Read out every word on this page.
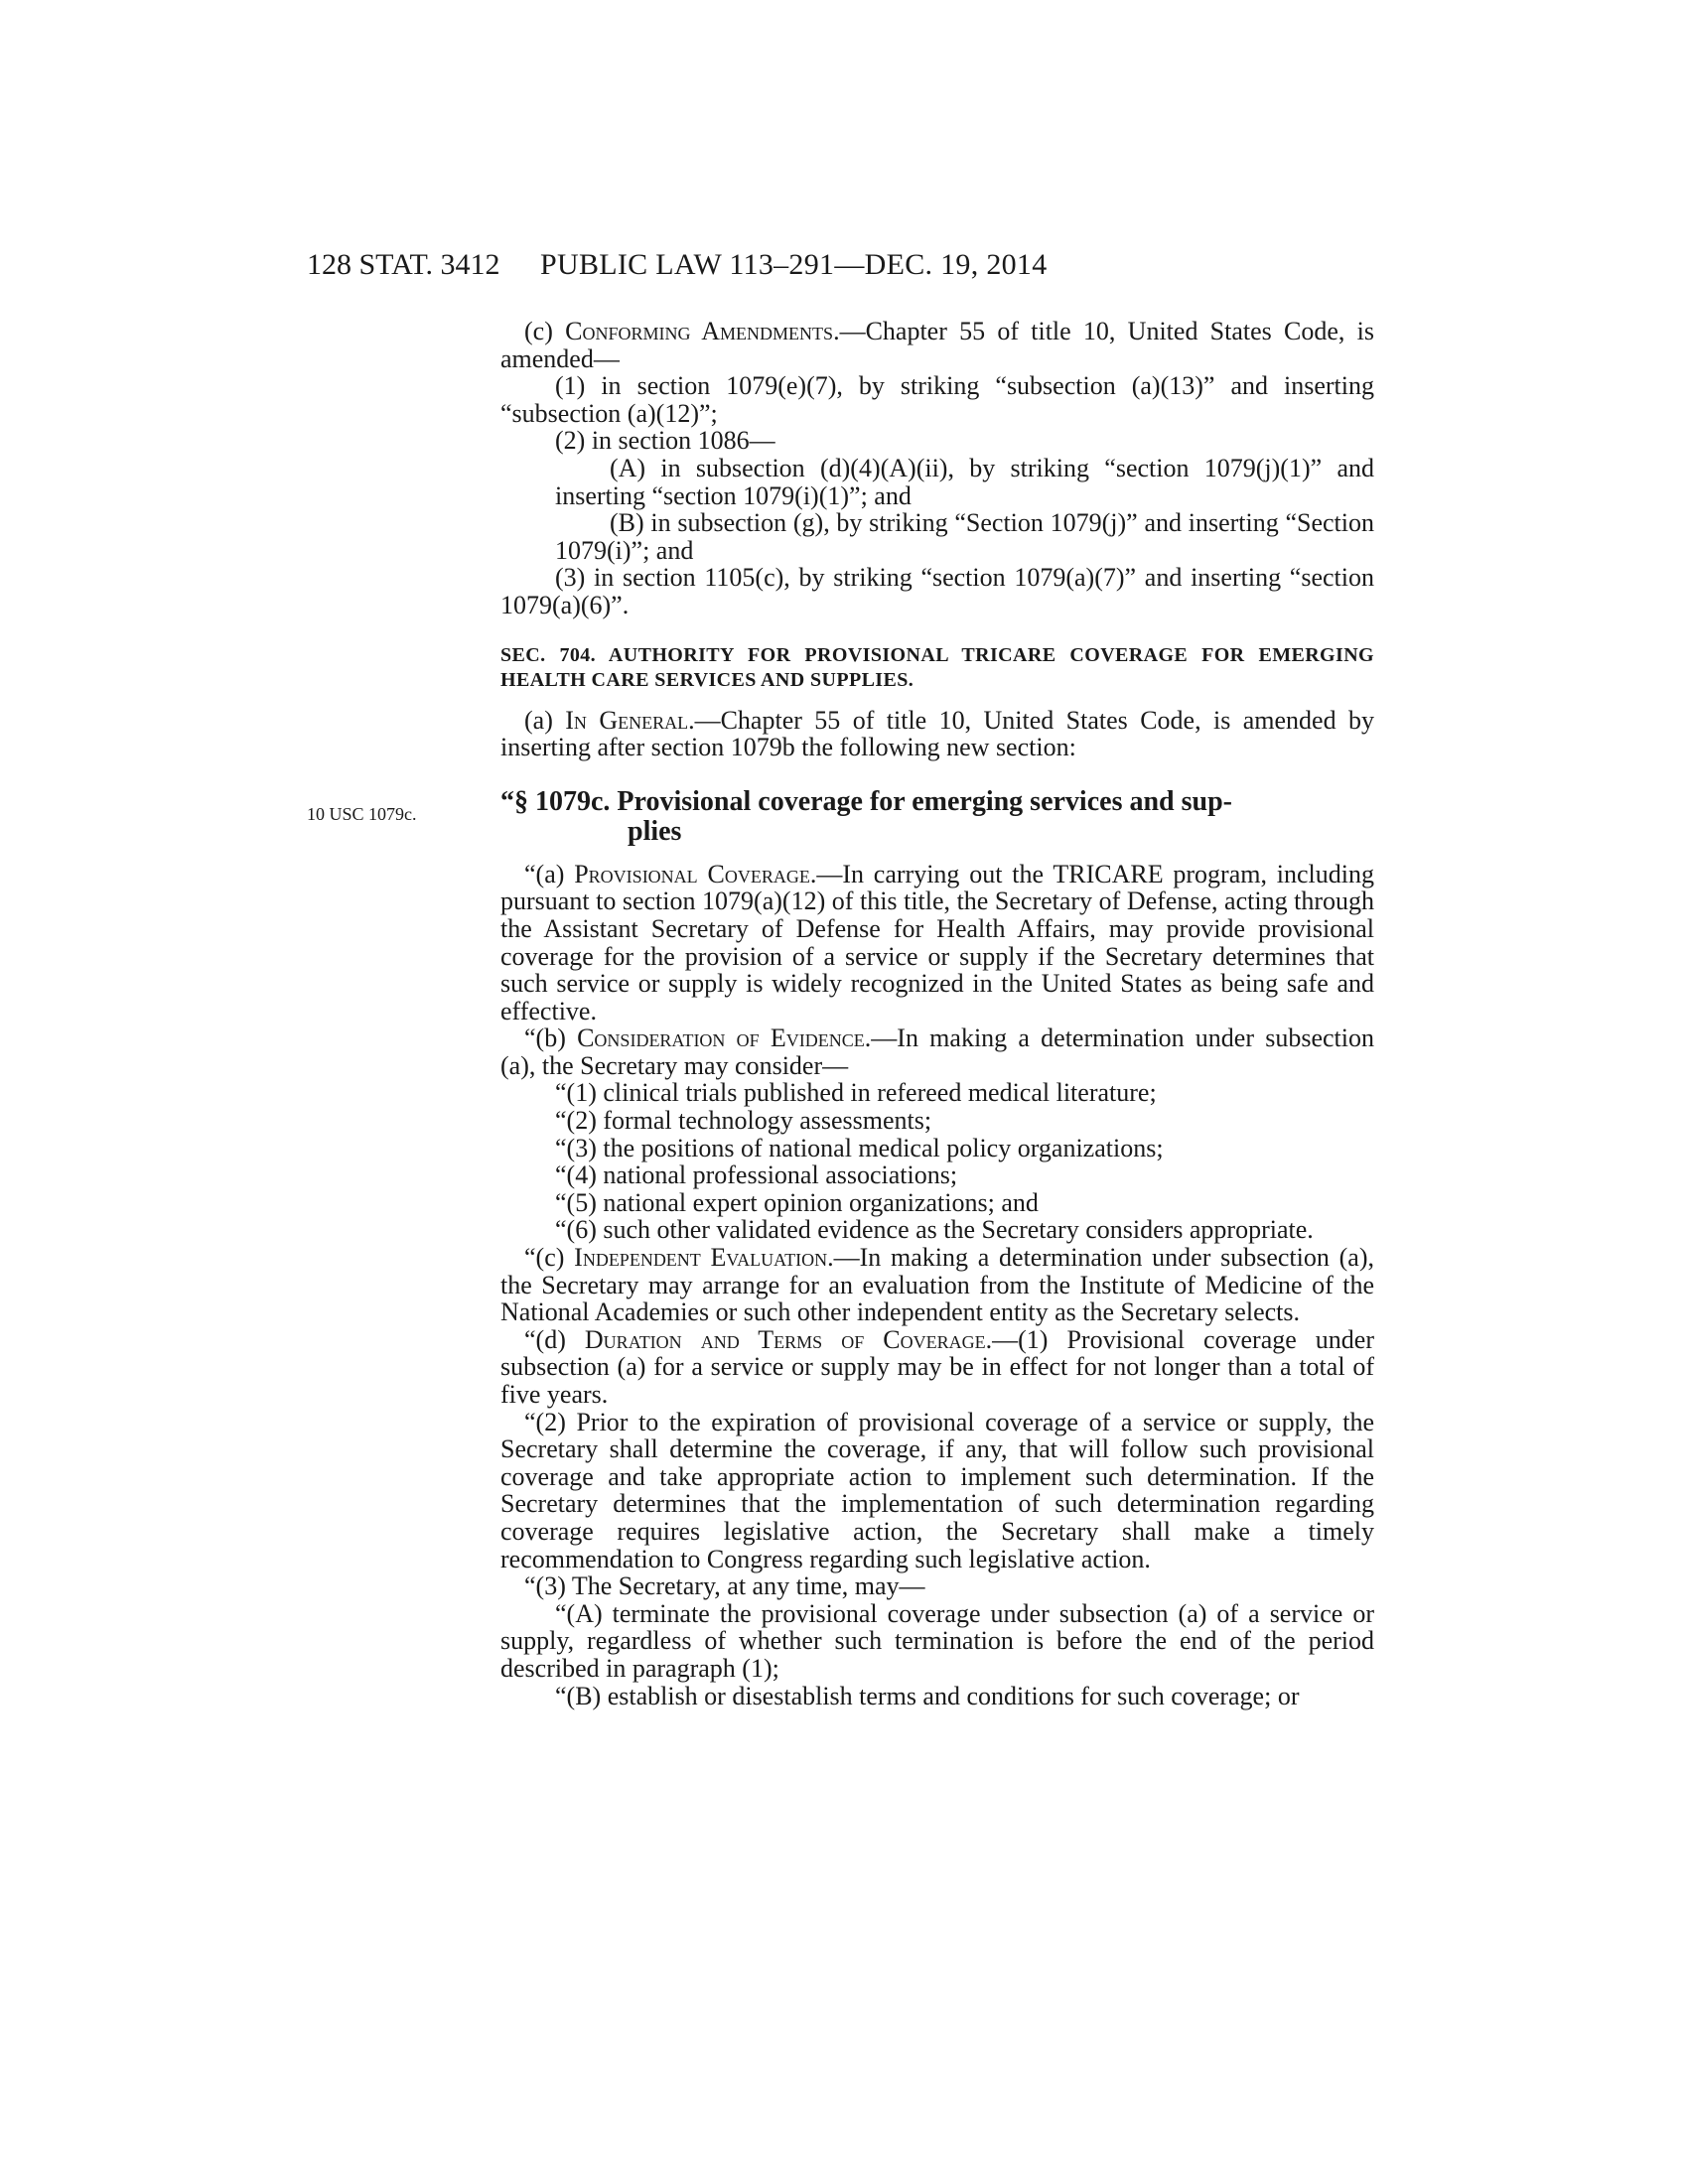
128 STAT. 3412 PUBLIC LAW 113–291—DEC. 19, 2014
10 USC 1079c.

(c) Conforming Amendments.—Chapter 55 of title 10, United States Code, is amended—

(1) in section 1079(e)(7), by striking “subsection (a)(13)” and inserting “subsection (a)(12)”;

(2) in section 1086—

(A) in subsection (d)(4)(A)(ii), by striking “section 1079(j)(1)” and inserting “section 1079(i)(1)”; and

(B) in subsection (g), by striking “Section 1079(j)” and inserting “Section 1079(i)”; and

(3) in section 1105(c), by striking “section 1079(a)(7)” and inserting “section 1079(a)(6)”.

SEC. 704. AUTHORITY FOR PROVISIONAL TRICARE COVERAGE FOR EMERGING HEALTH CARE SERVICES AND SUPPLIES.

(a) In General.—Chapter 55 of title 10, United States Code, is amended by inserting after section 1079b the following new section:

“§ 1079c. Provisional coverage for emerging services and sup-
plies

“(a) Provisional Coverage.—In carrying out the TRICARE program, including pursuant to section 1079(a)(12) of this title, the Secretary of Defense, acting through the Assistant Secretary of Defense for Health Affairs, may provide provisional coverage for the provision of a service or supply if the Secretary determines that such service or supply is widely recognized in the United States as being safe and effective.

“(b) Consideration of Evidence.—In making a determination under subsection (a), the Secretary may consider—

“(1) clinical trials published in refereed medical literature;

“(2) formal technology assessments;

“(3) the positions of national medical policy organizations;

“(4) national professional associations;

“(5) national expert opinion organizations; and

“(6) such other validated evidence as the Secretary considers appropriate.

“(c) Independent Evaluation.—In making a determination under subsection (a), the Secretary may arrange for an evaluation from the Institute of Medicine of the National Academies or such other independent entity as the Secretary selects.

“(d) Duration and Terms of Coverage.—(1) Provisional coverage under subsection (a) for a service or supply may be in effect for not longer than a total of five years.

“(2) Prior to the expiration of provisional coverage of a service or supply, the Secretary shall determine the coverage, if any, that will follow such provisional coverage and take appropriate action to implement such determination. If the Secretary determines that the implementation of such determination regarding coverage requires legislative action, the Secretary shall make a timely recommendation to Congress regarding such legislative action.

“(3) The Secretary, at any time, may—

“(A) terminate the provisional coverage under subsection (a) of a service or supply, regardless of whether such termination is before the end of the period described in paragraph (1);

“(B) establish or disestablish terms and conditions for such coverage; or
